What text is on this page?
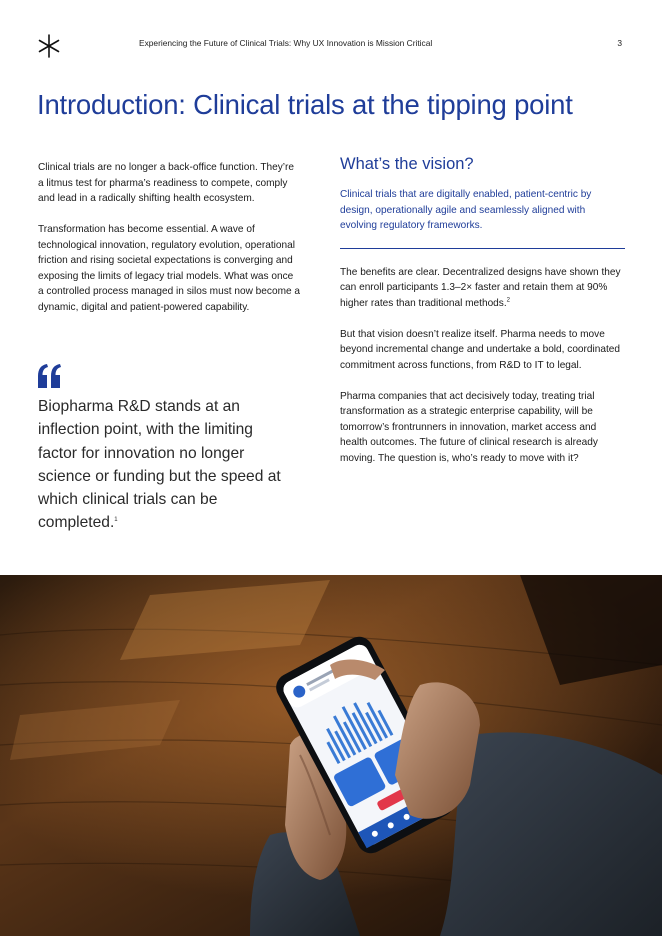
Experiencing the Future of Clinical Trials: Why UX Innovation is Mission Critical	3
Introduction: Clinical trials at the tipping point

Clinical trials are no longer a back-office function. They’re a litmus test for pharma’s readiness to compete, comply and lead in a radically shifting health ecosystem.

Transformation has become essential. A wave of technological innovation, regulatory evolution, operational friction and rising societal expectations is converging and exposing the limits of legacy trial models. What was once a controlled process managed in silos must now become a dynamic, digital and patient-powered capability.

Biopharma R&D stands at an inflection point, with the limiting factor for innovation no longer science or funding but the speed at which clinical trials can be completed.$^1$
What’s the vision?

Clinical trials that are digitally enabled, patient-centric by design, operationally agile and seamlessly aligned with evolving regulatory frameworks.

The benefits are clear. Decentralized designs have shown they can enroll participants 1.3–2× faster and retain them at 90% higher rates than traditional methods.$^2$

But that vision doesn’t realize itself. Pharma needs to move beyond incremental change and undertake a bold, coordinated commitment across functions, from R&D to IT to legal.

Pharma companies that act decisively today, treating trial transformation as a strategic enterprise capability, will be tomorrow’s frontrunners in innovation, market access and health outcomes. The future of clinical research is already moving. The question is, who’s ready to move with it?
